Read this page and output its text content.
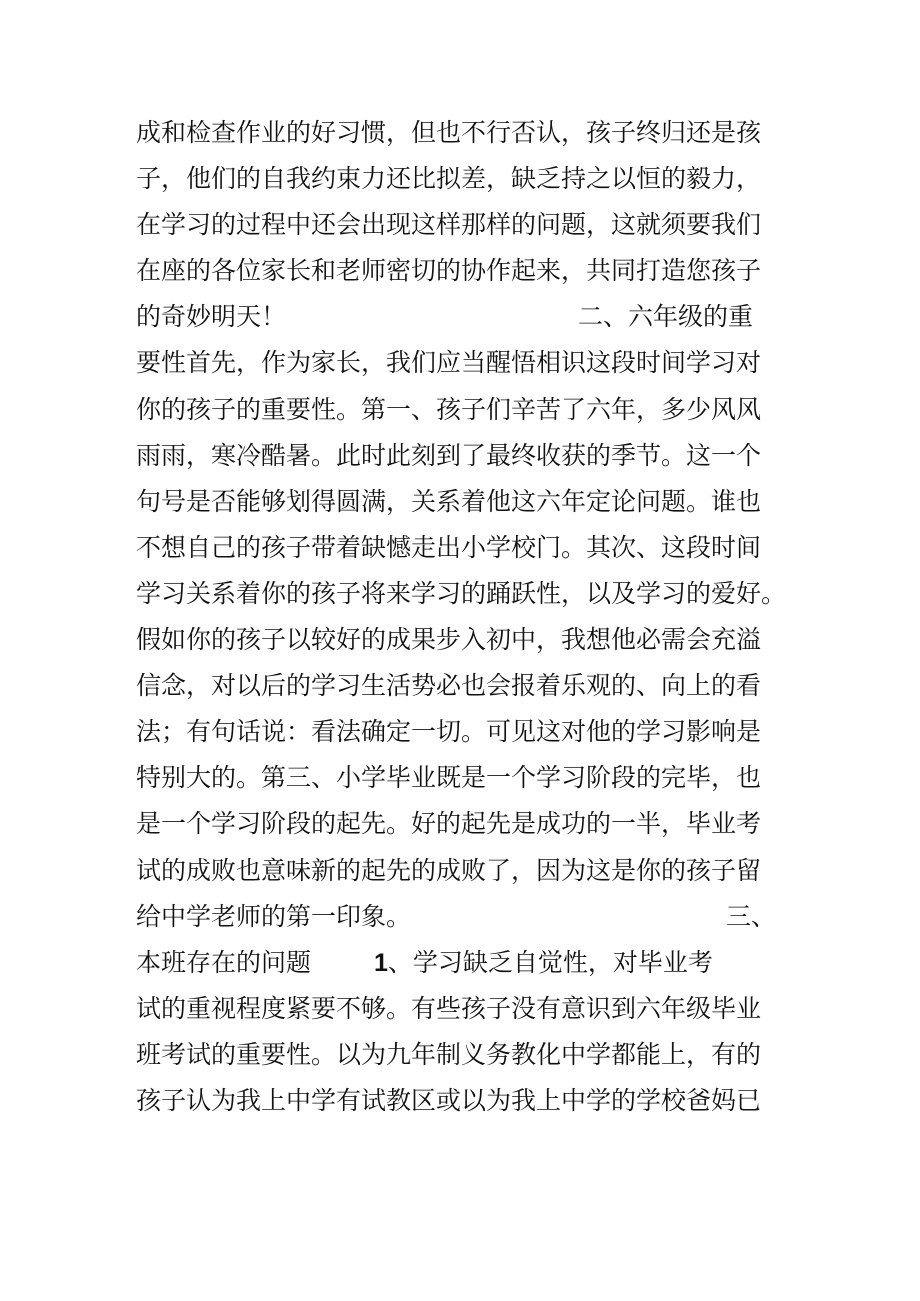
成和检查作业的好习惯，但也不行否认，孩子终归还是孩
子，他们的自我约束力还比拟差，缺乏持之以恒的毅力，
在学习的过程中还会出现这样那样的问题，这就须要我们
在座的各位家长和老师密切的协作起来，共同打造您孩子
的奇妙明天！	二、六年级的重
要性首先，作为家长，我们应当醒悟相识这段时间学习对
你的孩子的重要性。第一、孩子们辛苦了六年，多少风风
雨雨，寒冷酷暑。此时此刻到了最终收获的季节。这一个
句号是否能够划得圆满，关系着他这六年定论问题。谁也
不想自己的孩子带着缺憾走出小学校门。其次、这段时间
学习关系着你的孩子将来学习的踊跃性，以及学习的爱好。
假如你的孩子以较好的成果步入初中，我想他必需会充溢
信念，对以后的学习生活势必也会报着乐观的、向上的看
法；有句话说：看法确定一切。可见这对他的学习影响是
特别大的。第三、小学毕业既是一个学习阶段的完毕，也
是一个学习阶段的起先。好的起先是成功的一半，毕业考
试的成败也意味新的起先的成败了，因为这是你的孩子留
给中学老师的第一印象。	三、
本班存在的问题	1、学习缺乏自觉性，对毕业考
试的重视程度紧要不够。有些孩子没有意识到六年级毕业
班考试的重要性。以为九年制义务教化中学都能上，有的
孩子认为我上中学有试教区或以为我上中学的学校爸妈已
